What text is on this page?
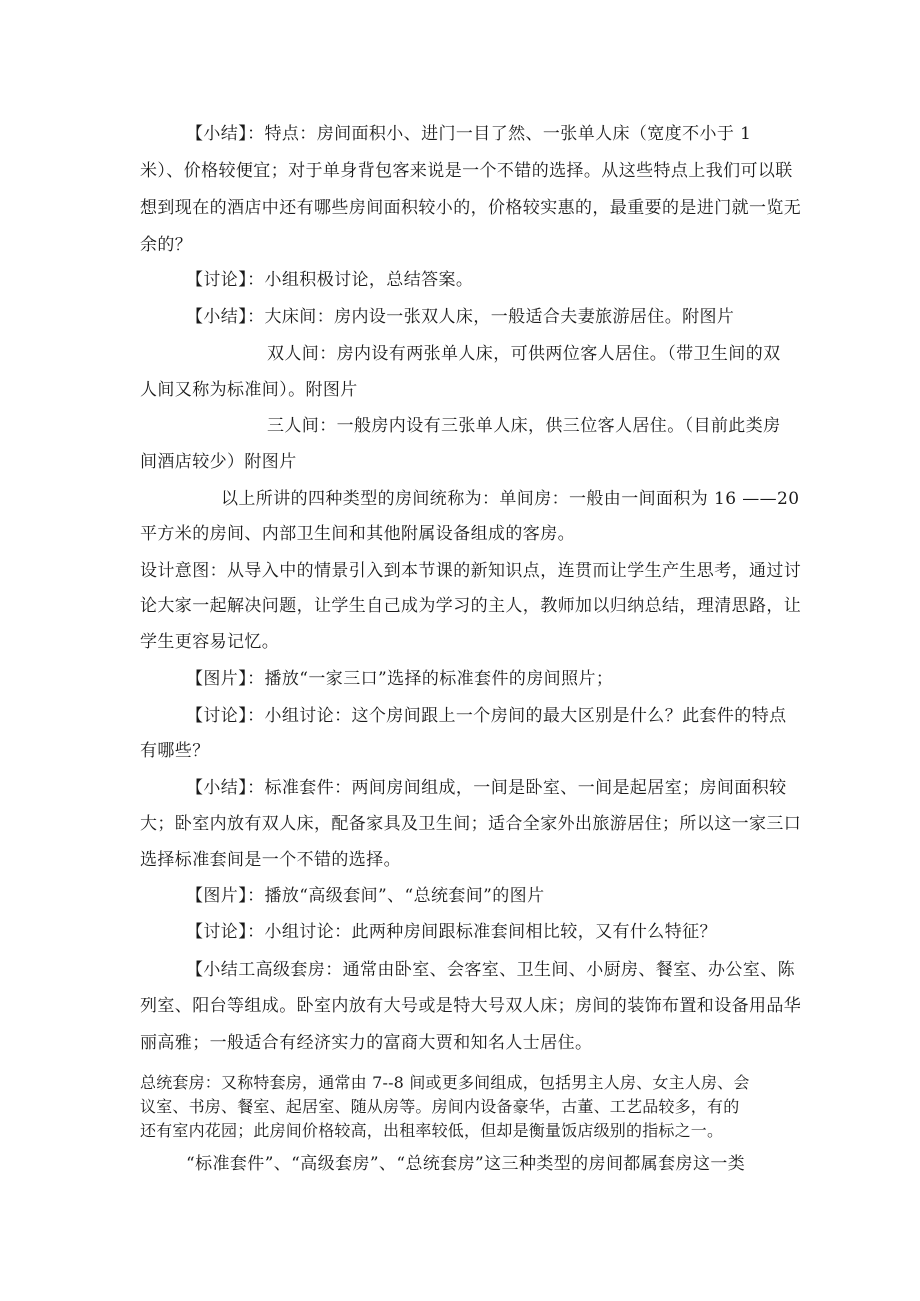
【小结】：特点：房间面积小、进门一目了然、一张单人床（宽度不小于 1
米）、价格较便宜；对于单身背包客来说是一个不错的选择。从这些特点上我们可以联
想到现在的酒店中还有哪些房间面积较小的，价格较实惠的，最重要的是进门就一览无
余的？
【讨论】：小组积极讨论，总结答案。
【小结】：大床间：房内设一张双人床，一般适合夫妻旅游居住。附图片
双人间：房内设有两张单人床，可供两位客人居住。（带卫生间的双
人间又称为标准间）。附图片
三人间：一般房内设有三张单人床，供三位客人居住。（目前此类房
间酒店较少）附图片
以上所讲的四种类型的房间统称为：单间房：一般由一间面积为 16 ——20
平方米的房间、内部卫生间和其他附属设备组成的客房。
设计意图：从导入中的情景引入到本节课的新知识点，连贯而让学生产生思考，通过讨
论大家一起解决问题，让学生自己成为学习的主人，教师加以归纳总结，理清思路，让
学生更容易记忆。
【图片】：播放“一家三口”选择的标准套件的房间照片；
【讨论】：小组讨论：这个房间跟上一个房间的最大区别是什么？此套件的特点
有哪些？
【小结】：标准套件：两间房间组成，一间是卧室、一间是起居室；房间面积较
大；卧室内放有双人床，配备家具及卫生间；适合全家外出旅游居住；所以这一家三口
选择标准套间是一个不错的选择。
【图片】：播放“高级套间”、“总统套间”的图片
【讨论】：小组讨论：此两种房间跟标准套间相比较，又有什么特征？
【小结工高级套房：通常由卧室、会客室、卫生间、小厨房、餐室、办公室、陈
列室、阳台等组成。卧室内放有大号或是特大号双人床；房间的装饰布置和设备用品华
丽高雅；一般适合有经济实力的富商大贾和知名人士居住。
总统套房：又称特套房，通常由 7--8 间或更多间组成，包括男主人房、女主人房、会
议室、书房、餐室、起居室、随从房等。房间内设备豪华，古董、工艺品较多，有的
还有室内花园；此房间价格较高，出租率较低，但却是衡量饭店级别的指标之一。
“标准套件”、“高级套房”、“总统套房”这三种类型的房间都属套房这一类
